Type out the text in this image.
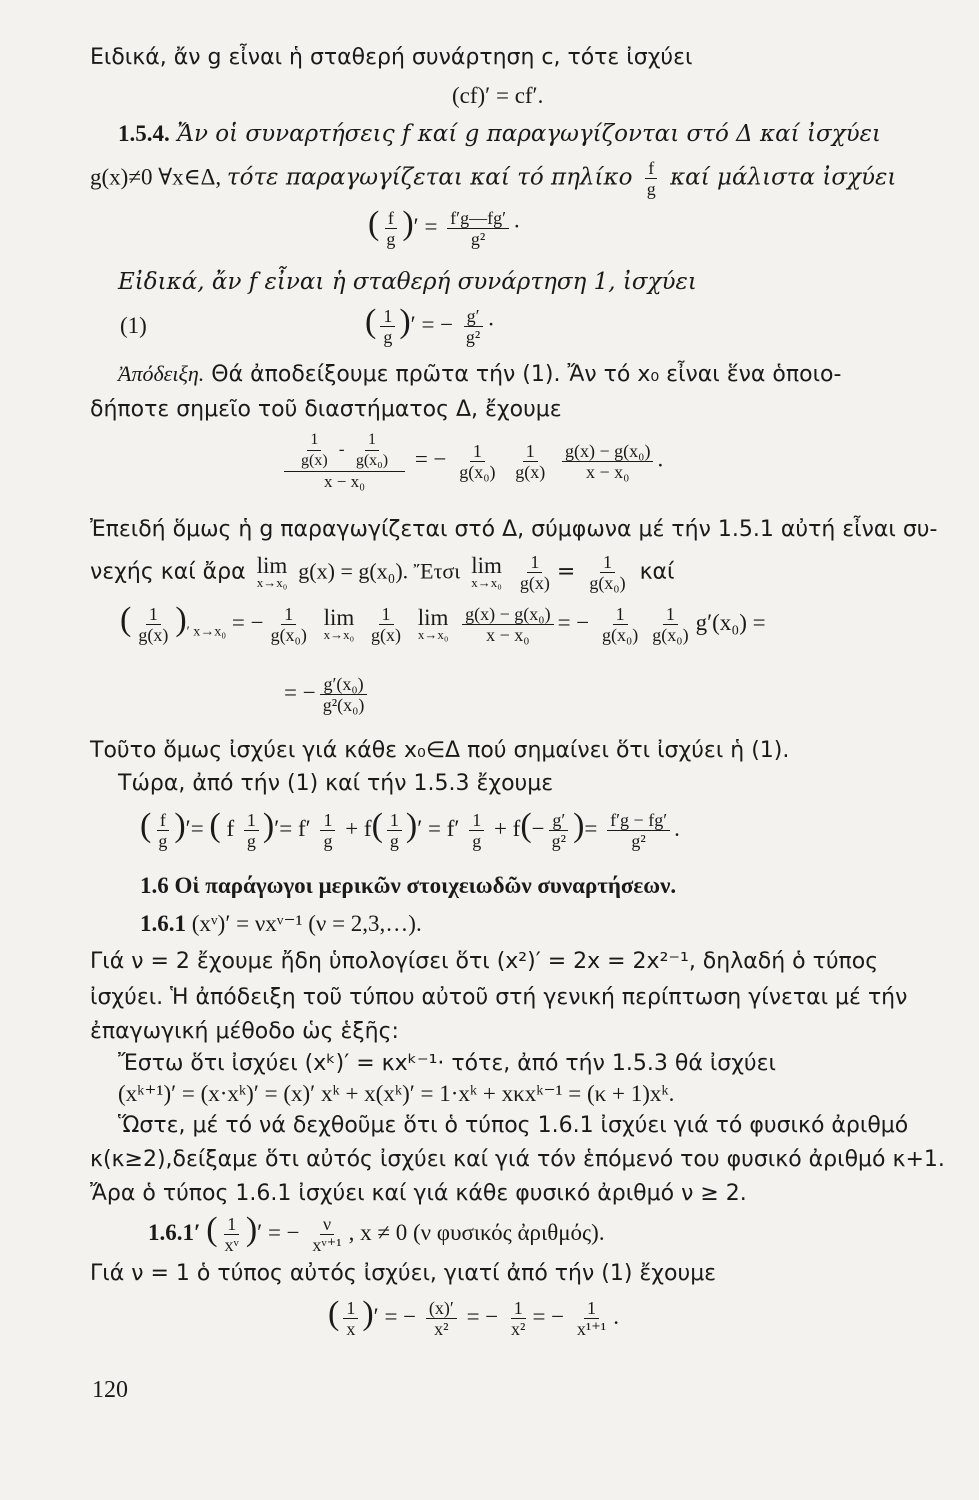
Ειδικά, ἄν g εἶναι ἡ σταθερή συνάρτηση c, τότε ἰσχύει
(cf)′ = cf′.
1.5.4. Ἄν οἱ συναρτήσεις f καί g παραγωγίζονται στό Δ καί ἰσχύει
g(x)≠0 ∀x∈Δ, τότε παραγωγίζεται καί τό πηλίκο $\frac{f}{g}$ καί μάλιστα ἰσχύει
( $\frac{f}{g}$ )′ = $\frac{f'g—fg'}{\text{g²}}$ ·
Εἰδικά, ἄν f εἶναι ἡ σταθερή συνάρτηση 1, ἰσχύει
(1)	( $\frac{1}{g}$ )′ = − $\frac{g'}{\text{g²}}$ ·
Ἀπόδειξη. Θά ἀποδείξουμε πρῶτα τήν (1). Ἄν τό x₀ εἶναι ἕνα ὁποιο-
δήποτε σημεῖο τοῦ διαστήματος Δ, ἔχουμε
$\frac{\frac{1}{g(x)} - \frac{1}{\text{g(x₀)}}}{\text{x − x₀}}$ = − $\frac{1}{\text{g(x₀)}}$
$\frac{1}{g(x)}$
$\frac{\text{g(x) − g(x₀)}}{\text{x − x₀}}$ .
Ἐπειδή ὅμως ἡ g παραγωγίζεται στό Δ, σύμφωνα μέ τήν 1.5.1 αὐτή εἶναι συ-
νεχής καί ἄρα lim
x→x₀ g(x) = g(x₀). Ἔτσι lim
x→x₀
$\frac{1}{g(x)} = \frac{1}{\text{g(x₀)}}$ καί
( $\frac{1}{g(x)} )_{' x\to x_0}$ = − $\frac{1}{\text{g(x₀)}}$
lim
x→x₀
$\frac{1}{g(x)}$
lim
x→x₀
$\frac{\text{g(x) − g(x₀)}}{\text{x − x₀}}$ = − $\frac{1}{\text{g(x₀)}} \frac{1}{\text{g(x₀)}} g'(x_0)$ =
= − $\frac{\text{g′(x₀)}}{\text{g²(x₀)}}$
Τοῦτο ὅμως ἰσχύει γιά κάθε x₀∈Δ πού σημαίνει ὅτι ἰσχύει ἡ (1).
Τώρα, ἀπό τήν (1) καί τήν 1.5.3 ἔχουμε
( $\frac{f}{g}$ )′= ( f $\frac{1}{g}$ )′= $f' \frac{1}{g} + f( \frac{1}{g}$ )′ = $f' \frac{1}{g} + f(- \frac{g'}{\text{g²}}$ )= $\frac{f'g - fg'}{\text{g²}}$ .
1.6 Οἱ παράγωγοι μερικῶν στοιχειωδῶν συναρτήσεων.
1.6.1 (xᵛ)′ = νxᵛ⁻¹ (ν = 2,3,…).
Γιά ν = 2 ἔχουμε ἤδη ὑπολογίσει ὅτι (x²)′ = 2x = 2x²⁻¹, δηλαδή ὁ τύπος
ἰσχύει. Ἡ ἀπόδειξη τοῦ τύπου αὐτοῦ στή γενική περίπτωση γίνεται μέ τήν
ἐπαγωγική μέθοδο ὡς ἑξῆς:
Ἔστω ὅτι ἰσχύει (xᵏ)′ = κxᵏ⁻¹· τότε, ἀπό τήν 1.5.3 θά ἰσχύει
(xᵏ⁺¹)′ = (x·xᵏ)′ = (x)′ xᵏ + x(xᵏ)′ = 1·xᵏ + xκxᵏ⁻¹ = (κ + 1)xᵏ.
Ὥστε, μέ τό νά δεχθοῦμε ὅτι ὁ τύπος 1.6.1 ἰσχύει γιά τό φυσικό ἀριθμό
κ(κ≥2),δείξαμε ὅτι αὐτός ἰσχύει καί γιά τόν ἑπόμενό του φυσικό ἀριθμό κ+1.
Ἄρα ὁ τύπος 1.6.1 ἰσχύει καί γιά κάθε φυσικό ἀριθμό ν ≥ 2.
1.6.1′ ( $\frac{1}{\text{xᵛ}}$ )′ = − $\frac{\nu}{\text{xᵛ⁺¹}}$ , x ≠ 0 (ν φυσικός ἀριθμός).
Γιά ν = 1 ὁ τύπος αὐτός ἰσχύει, γιατί ἀπό τήν (1) ἔχουμε
( $\frac{1}{x}$ )′ = − $\frac{(x)'}{\text{x²}}$ = − $\frac{1}{\text{x²}}$ = − $\frac{1}{\text{x¹⁺¹}}$ .
120
